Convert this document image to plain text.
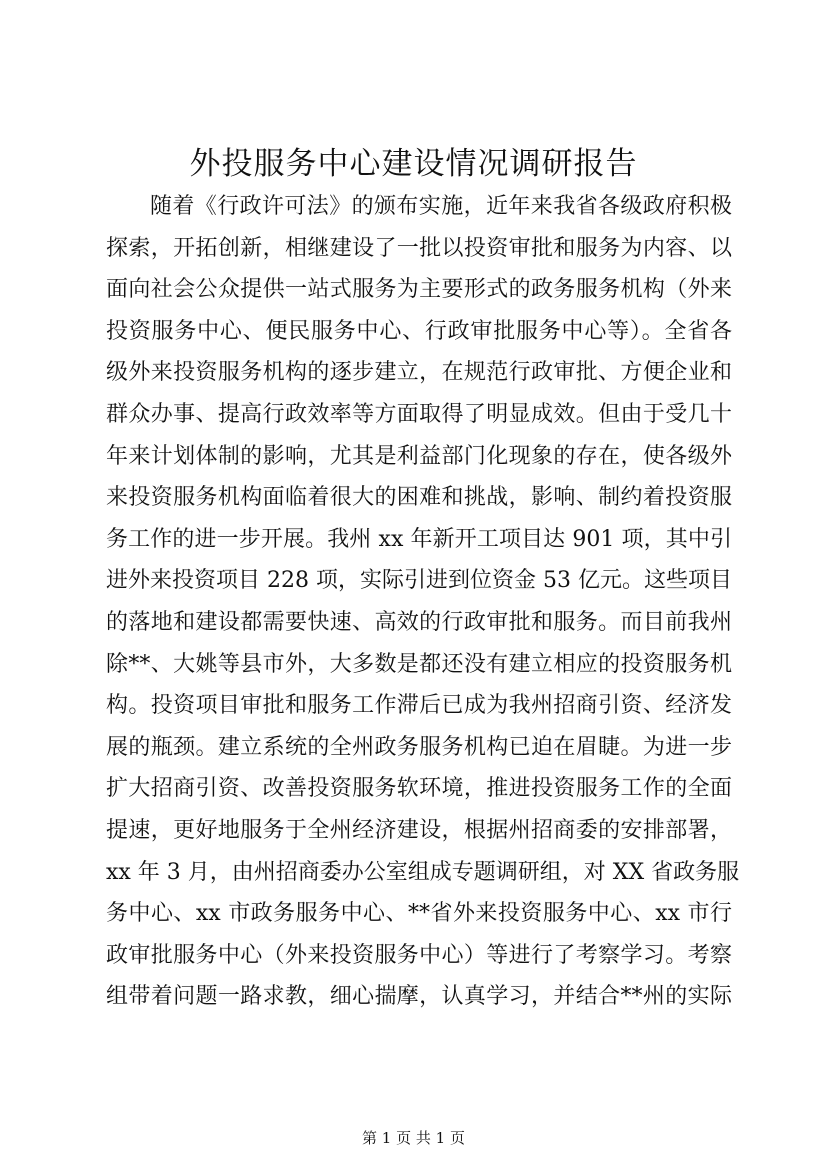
外投服务中心建设情况调研报告
随着《行政许可法》的颁布实施，近年来我省各级政府积极
探索，开拓创新，相继建设了一批以投资审批和服务为内容、以
面向社会公众提供一站式服务为主要形式的政务服务机构（外来
投资服务中心、便民服务中心、行政审批服务中心等）。全省各
级外来投资服务机构的逐步建立，在规范行政审批、方便企业和
群众办事、提高行政效率等方面取得了明显成效。但由于受几十
年来计划体制的影响，尤其是利益部门化现象的存在，使各级外
来投资服务机构面临着很大的困难和挑战，影响、制约着投资服
务工作的进一步开展。我州 xx 年新开工项目达 901 项，其中引
进外来投资项目 228 项，实际引进到位资金 53 亿元。这些项目
的落地和建设都需要快速、高效的行政审批和服务。而目前我州
除**、大姚等县市外，大多数是都还没有建立相应的投资服务机
构。投资项目审批和服务工作滞后已成为我州招商引资、经济发
展的瓶颈。建立系统的全州政务服务机构已迫在眉睫。为进一步
扩大招商引资、改善投资服务软环境，推进投资服务工作的全面
提速，更好地服务于全州经济建设，根据州招商委的安排部署，
xx 年 3 月，由州招商委办公室组成专题调研组，对 XX 省政务服
务中心、xx 市政务服务中心、**省外来投资服务中心、xx 市行
政审批服务中心（外来投资服务中心）等进行了考察学习。考察
组带着问题一路求教，细心揣摩，认真学习，并结合**州的实际
第 1 页 共 1 页
